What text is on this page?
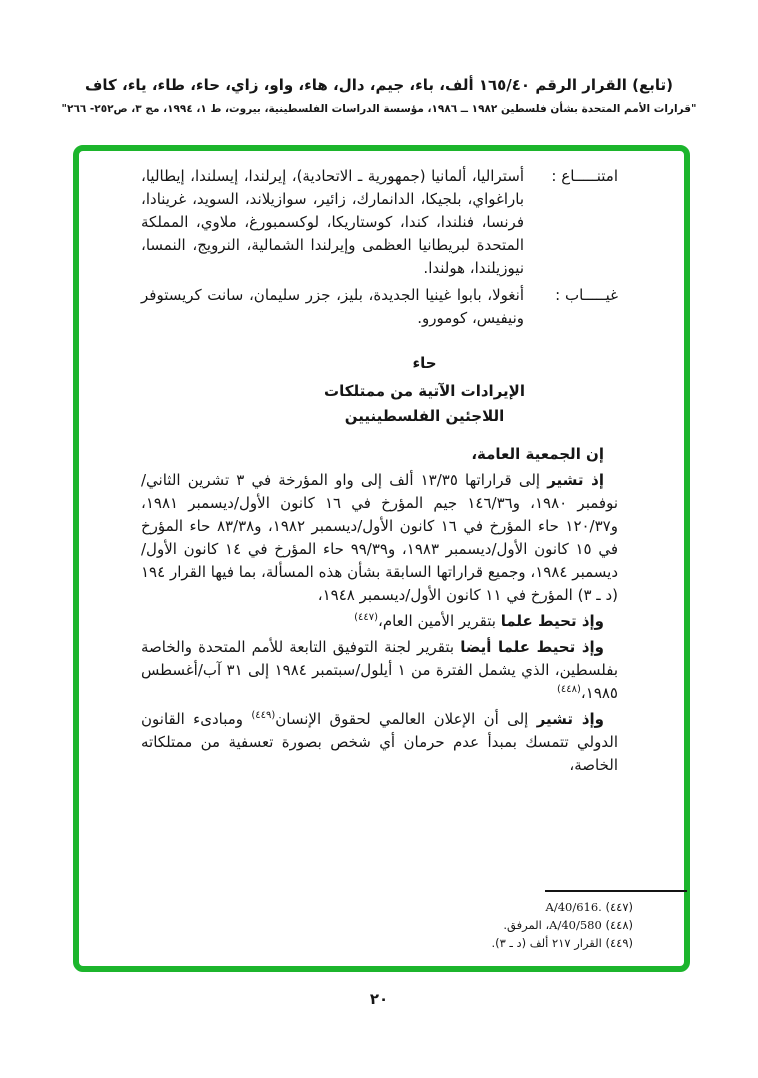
(تابع) القرار الرقم ١٦٥/٤٠ ألف، باء، جيم، دال، هاء، واو، زاي، حاء، طاء، ياء، كاف
"قرارات الأمم المتحدة بشأن فلسطين ١٩٨٢ ــ ١٩٨٦، مؤسسة الدراسات الفلسطينية، بيروت، ط ١، ١٩٩٤، مج ٣، ص٢٥٢- ٢٦٦"
امتنـــــاع :
أستراليا، ألمانيا (جمهورية ـ الاتحادية)، إيرلندا، إيسلندا، إيطاليا، باراغواي، بلجيكا، الدانمارك، زائير، سوازيلاند، السويد، غرينادا، فرنسا، فنلندا، كندا، كوستاريكا، لوكسمبورغ، ملاوي، المملكة المتحدة لبريطانيا العظمى وإيرلندا الشمالية، النرويج، النمسا، نيوزيلندا، هولندا.
غيـــــاب :
أنغولا، بابوا غينيا الجديدة، بليز، جزر سليمان، سانت كريستوفر ونيفيس، كومورو.
حاء
الإيرادات الآتية من ممتلكات
اللاجئين الفلسطينيين
إن الجمعية العامة،
إذ تشير إلى قراراتها ١٣/٣٥ ألف إلى واو المؤرخة في ٣ تشرين الثاني/نوفمبر ١٩٨٠، و١٤٦/٣٦ جيم المؤرخ في ١٦ كانون الأول/ديسمبر ١٩٨١، و١٢٠/٣٧ حاء المؤرخ في ١٦ كانون الأول/ديسمبر ١٩٨٢، و٨٣/٣٨ حاء المؤرخ في ١٥ كانون الأول/ديسمبر ١٩٨٣، و٩٩/٣٩ حاء المؤرخ في ١٤ كانون الأول/ديسمبر ١٩٨٤، وجميع قراراتها السابقة بشأن هذه المسألة، بما فيها القرار ١٩٤ (د ـ ٣) المؤرخ في ١١ كانون الأول/ديسمبر ١٩٤٨،
وإذ تحيط علما بتقرير الأمين العام،$^{(٤٤٧)}$
وإذ تحيط علما أيضا بتقرير لجنة التوفيق التابعة للأمم المتحدة والخاصة بفلسطين، الذي يشمل الفترة من ١ أيلول/سبتمبر ١٩٨٤ إلى ٣١ آب/أغسطس ١٩٨٥،$^{(٤٤٨)}$
وإذ تشير إلى أن الإعلان العالمي لحقوق الإنسان$^{(٤٤٩)}$ ومبادىء القانون الدولي تتمسك بمبدأ عدم حرمان أي شخص بصورة تعسفية من ممتلكاته الخاصة،
(٤٤٧) A/40/616.
(٤٤٨) A/40/580، المرفق.
(٤٤٩) القرار ٢١٧ ألف (د ـ ٣).
٢٠
